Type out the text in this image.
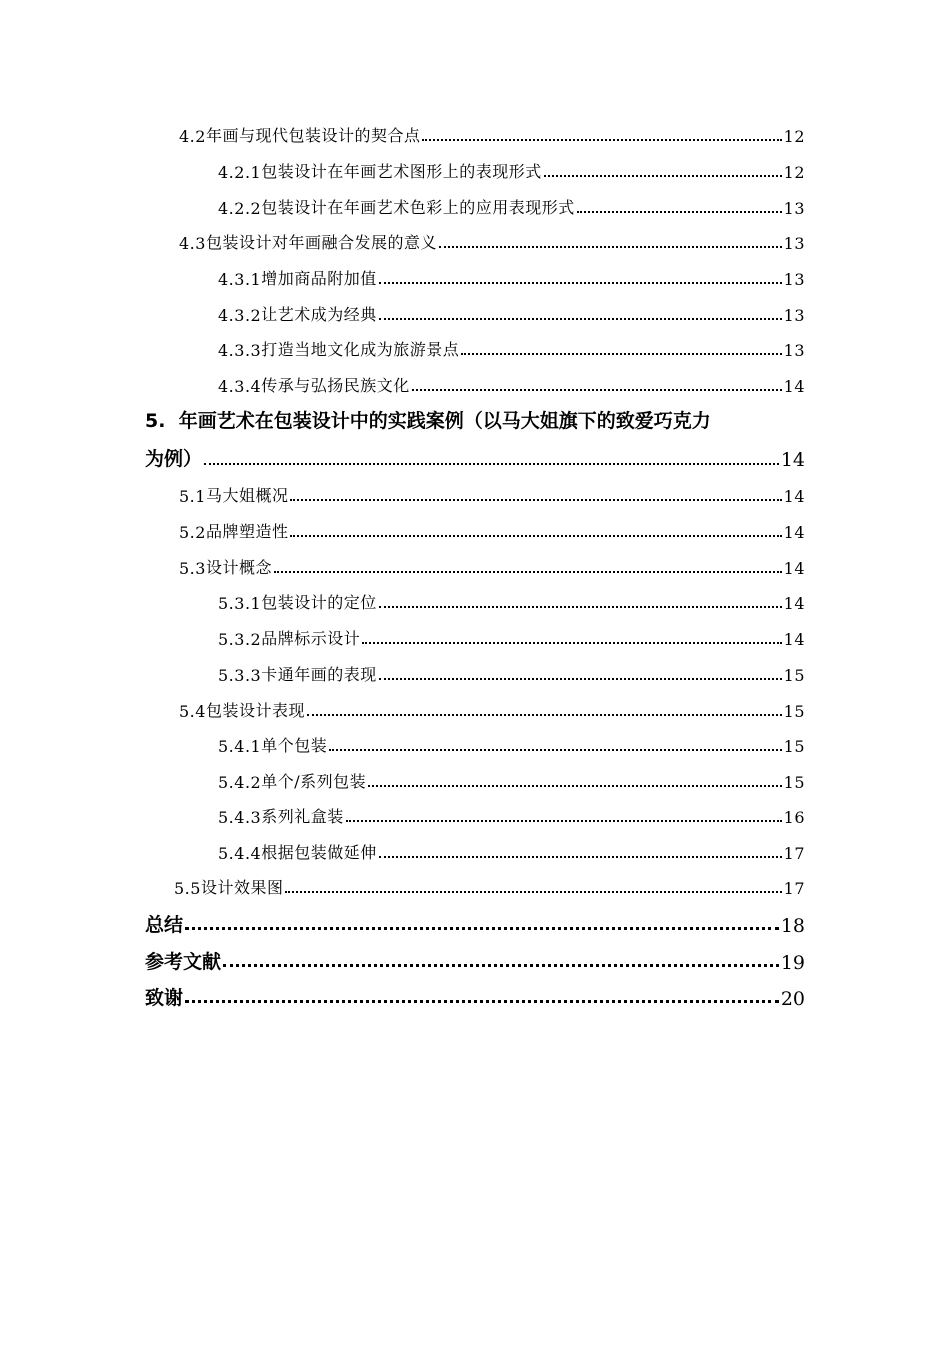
4.2 年画与现代包装设计的契合点	12
4.2.1 包装设计在年画艺术图形上的表现形式	12
4.2.2 包装设计在年画艺术色彩上的应用表现形式	13
4.3 包装设计对年画融合发展的意义	13
4.3.1 增加商品附加值	13
4.3.2 让艺术成为经典	13
4.3.3 打造当地文化成为旅游景点	13
4.3.4 传承与弘扬民族文化	14
5. 年画艺术在包装设计中的实践案例（以马大姐旗下的致爱巧克力
为例）	14
5.1 马大姐概况	14
5.2 品牌塑造性	14
5.3 设计概念	14
5.3.1 包装设计的定位	14
5.3.2 品牌标示设计	14
5.3.3 卡通年画的表现	15
5.4 包装设计表现	15
5.4.1 单个包装	15
5.4.2 单个/系列包装	15
5.4.3 系列礼盒装	16
5.4.4 根据包装做延伸	17
5.5 设计效果图	17
总结	18
参考文献	19
致谢	20
